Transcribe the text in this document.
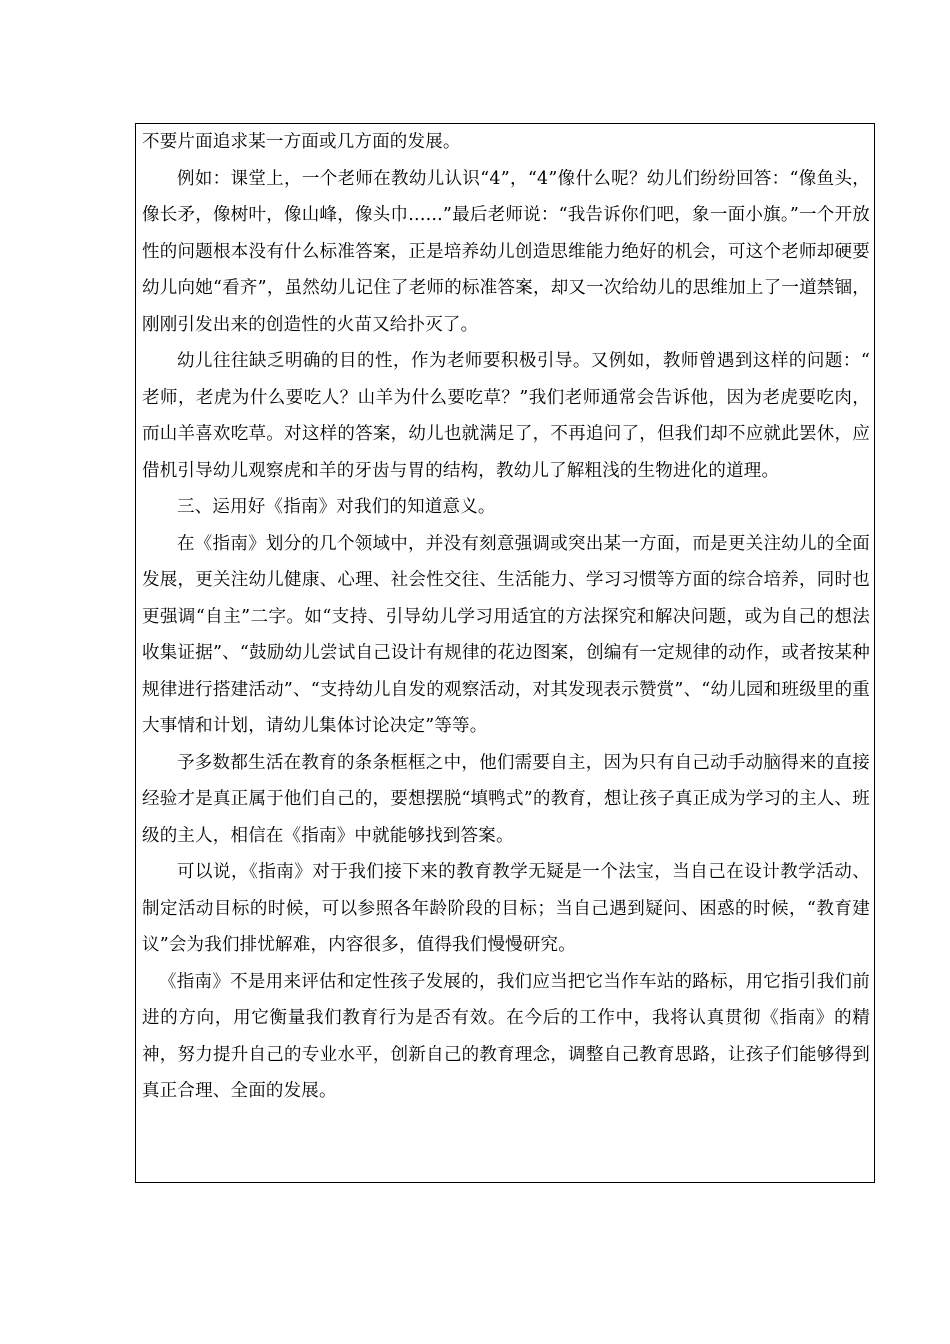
不要片面追求某一方面或几方面的发展。

例如：课堂上，一个老师在教幼儿认识“4”，“4”像什么呢？幼儿们纷纷回答：“像鱼头，像长矛，像树叶，像山峰，像头巾......”最后老师说：“我告诉你们吧，象一面小旗。”一个开放性的问题根本没有什么标准答案，正是培养幼儿创造思维能力绝好的机会，可这个老师却硬要幼儿向她“看齐”，虽然幼儿记住了老师的标准答案，却又一次给幼儿的思维加上了一道禁锢，刚刚引发出来的创造性的火苗又给扑灭了。

幼儿往往缺乏明确的目的性，作为老师要积极引导。又例如，教师曾遇到这样的问题：“ 老师，老虎为什么要吃人？山羊为什么要吃草？”我们老师通常会告诉他，因为老虎要吃肉，而山羊喜欢吃草。对这样的答案，幼儿也就满足了，不再追问了，但我们却不应就此罢休，应借机引导幼儿观察虎和羊的牙齿与胃的结构，教幼儿了解粗浅的生物进化的道理。

三、运用好《指南》对我们的知道意义。

在《指南》划分的几个领域中，并没有刻意强调或突出某一方面，而是更关注幼儿的全面发展，更关注幼儿健康、心理、社会性交往、生活能力、学习习惯等方面的综合培养，同时也更强调“自主”二字。如“支持、引导幼儿学习用适宜的方法探究和解决问题，或为自己的想法收集证据”、“鼓励幼儿尝试自己设计有规律的花边图案，创编有一定规律的动作，或者按某种规律进行搭建活动”、“支持幼儿自发的观察活动，对其发现表示赞赏”、“幼儿园和班级里的重大事情和计划，请幼儿集体讨论决定”等等。

予多数都生活在教育的条条框框之中，他们需要自主，因为只有自己动手动脑得来的直接经验才是真正属于他们自己的，要想摆脱“填鸭式”的教育，想让孩子真正成为学习的主人、班级的主人，相信在《指南》中就能够找到答案。

可以说，《指南》对于我们接下来的教育教学无疑是一个法宝，当自己在设计教学活动、制定活动目标的时候，可以参照各年龄阶段的目标；当自己遇到疑问、困惑的时候，“教育建议”会为我们排忧解难，内容很多，值得我们慢慢研究。

《指南》不是用来评估和定性孩子发展的，我们应当把它当作车站的路标，用它指引我们前进的方向，用它衡量我们教育行为是否有效。在今后的工作中，我将认真贯彻《指南》的精神，努力提升自己的专业水平，创新自己的教育理念，调整自己教育思路，让孩子们能够得到真正合理、全面的发展。
